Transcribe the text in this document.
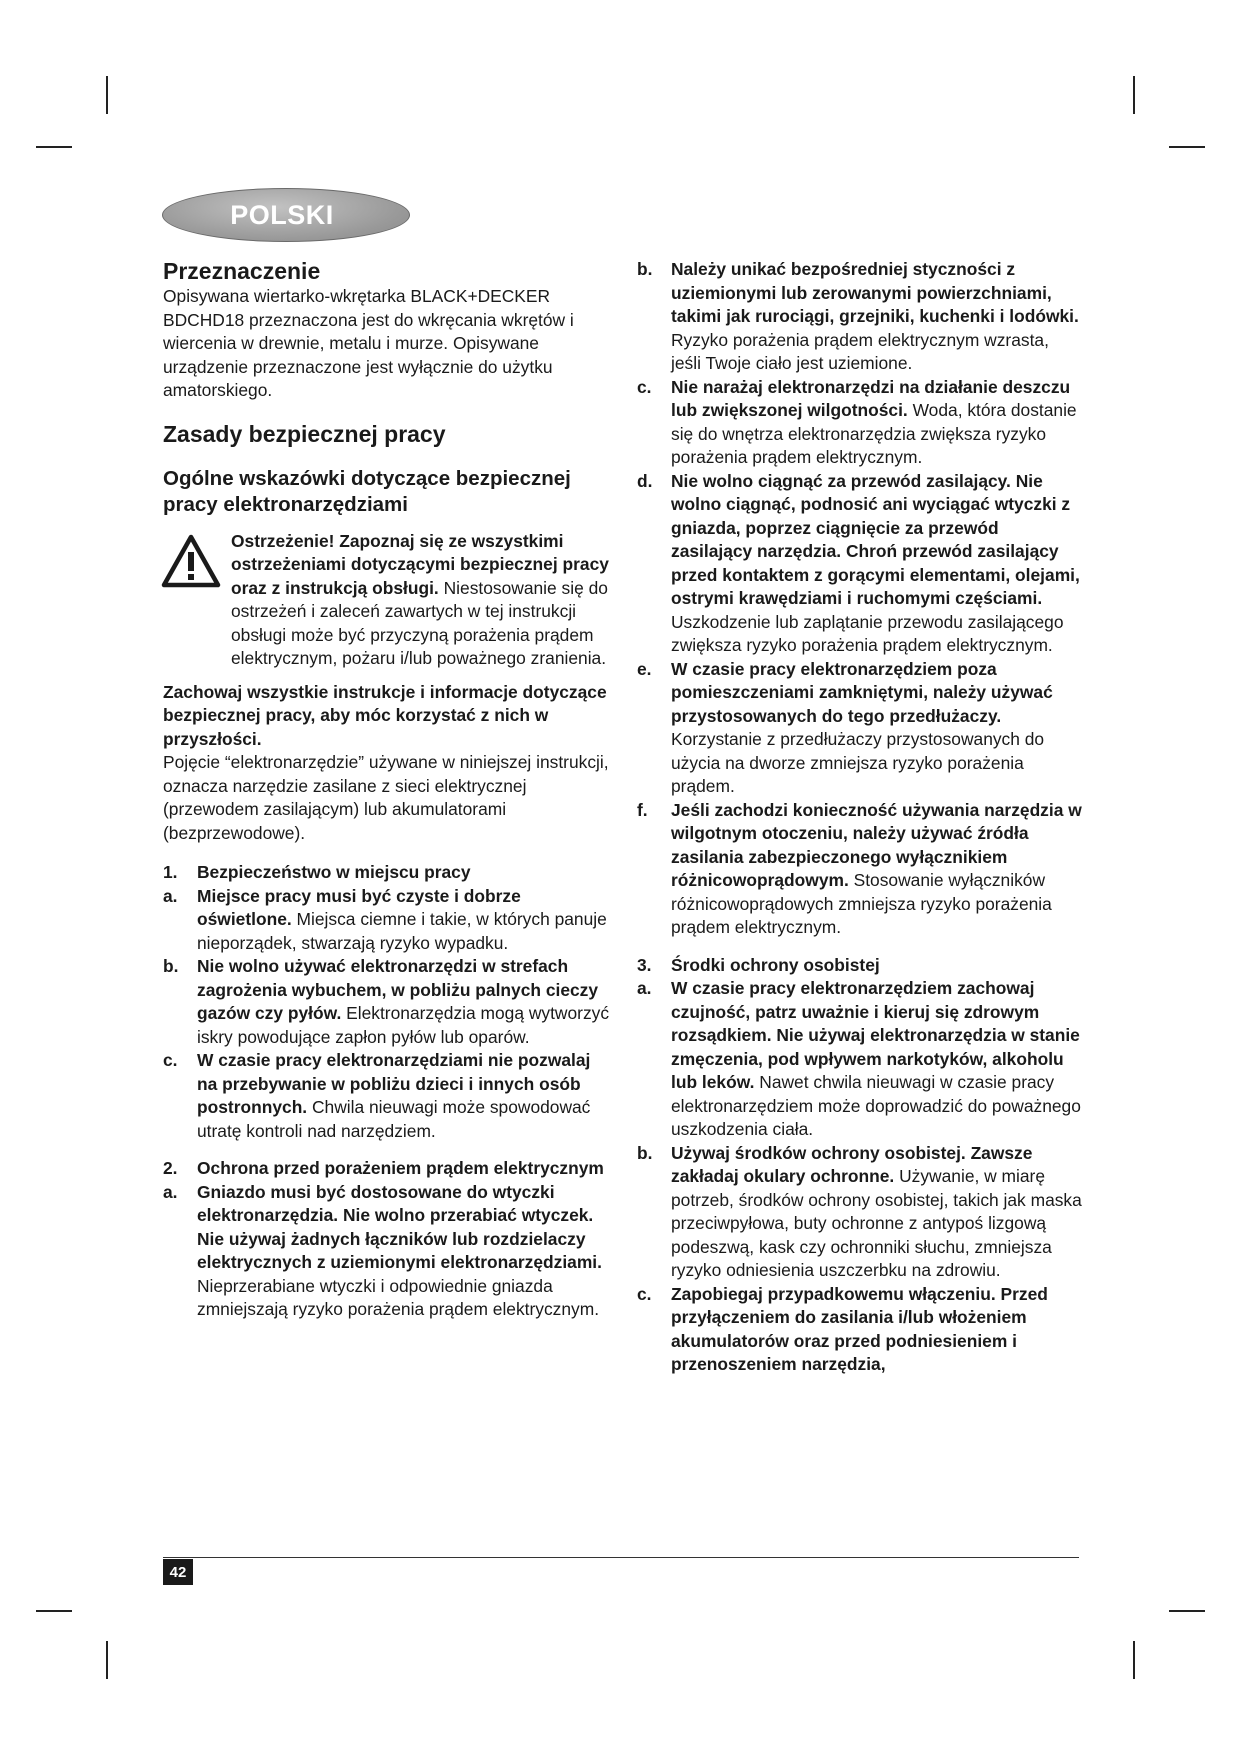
POLSKI
Przeznaczenie

Opisywana wiertarko-wkrętarka BLACK+DECKER BDCHD18 przeznaczona jest do wkręcania wkrętów i wiercenia w drewnie, metalu i murze. Opisywane urządzenie przeznaczone jest wyłącznie do użytku amatorskiego.

Zasady bezpiecznej pracy
Ogólne wskazówki dotyczące bezpiecznej pracy elektronarzędziami

Ostrzeżenie! Zapoznaj się ze wszystkimi ostrzeżeniami dotyczącymi bezpiecznej pracy oraz z instrukcją obsługi. Niestosowanie się do ostrzeżeń i zaleceń zawartych w tej instrukcji obsługi może być przyczyną porażenia prądem elektrycznym, pożaru i/lub poważnego zranienia.

Zachowaj wszystkie instrukcje i informacje dotyczące bezpiecznej pracy, aby móc korzystać z nich w przyszłości.

Pojęcie “elektronarzędzie” używane w niniejszej instrukcji, oznacza narzędzie zasilane z sieci elektrycznej (przewodem zasilającym) lub akumulatorami (bezprzewodowe).

1. Bezpieczeństwo w miejscu pracy
a. Miejsce pracy musi być czyste i dobrze oświetlone. Miejsca ciemne i takie, w których panuje nieporządek, stwarzają ryzyko wypadku.
b. Nie wolno używać elektronarzędzi w strefach zagrożenia wybuchem, w pobliżu palnych cieczy gazów czy pyłów. Elektronarzędzia mogą wytworzyć iskry powodujące zapłon pyłów lub oparów.
c. W czasie pracy elektronarzędziami nie pozwalaj na przebywanie w pobliżu dzieci i innych osób postronnych. Chwila nieuwagi może spowodować utratę kontroli nad narzędziem.
2. Ochrona przed porażeniem prądem elektrycznym
a. Gniazdo musi być dostosowane do wtyczki elektronarzędzia. Nie wolno przerabiać wtyczek. Nie używaj żadnych łączników lub rozdzielaczy elektrycznych z uziemionymi elektronarzędziami. Nieprzerabiane wtyczki i odpowiednie gniazda zmniejszają ryzyko porażenia prądem elektrycznym.
b. Należy unikać bezpośredniej styczności z uziemionymi lub zerowanymi powierzchniami, takimi jak rurociągi, grzejniki, kuchenki i lodówki. Ryzyko porażenia prądem elektrycznym wzrasta, jeśli Twoje ciało jest uziemione.
c. Nie narażaj elektronarzędzi na działanie deszczu lub zwiększonej wilgotności. Woda, która dostanie się do wnętrza elektronarzędzia zwiększa ryzyko porażenia prądem elektrycznym.
d. Nie wolno ciągnąć za przewód zasilający. Nie wolno ciągnąć, podnosić ani wyciągać wtyczki z gniazda, poprzez ciągnięcie za przewód zasilający narzędzia. Chroń przewód zasilający przed kontaktem z gorącymi elementami, olejami, ostrymi krawędziami i ruchomymi częściami. Uszkodzenie lub zaplątanie przewodu zasilającego zwiększa ryzyko porażenia prądem elektrycznym.
e. W czasie pracy elektronarzędziem poza pomieszczeniami zamkniętymi, należy używać przystosowanych do tego przedłużaczy. Korzystanie z przedłużaczy przystosowanych do użycia na dworze zmniejsza ryzyko porażenia prądem.
f. Jeśli zachodzi konieczność używania narzędzia w wilgotnym otoczeniu, należy używać źródła zasilania zabezpieczonego wyłącznikiem różnicowoprądowym. Stosowanie wyłączników różnicowoprądowych zmniejsza ryzyko porażenia prądem elektrycznym.
3. Środki ochrony osobistej
a. W czasie pracy elektronarzędziem zachowaj czujność, patrz uważnie i kieruj się zdrowym rozsądkiem. Nie używaj elektronarzędzia w stanie zmęczenia, pod wpływem narkotyków, alkoholu lub leków. Nawet chwila nieuwagi w czasie pracy elektronarzędziem może doprowadzić do poważnego uszkodzenia ciała.
b. Używaj środków ochrony osobistej. Zawsze zakładaj okulary ochronne. Używanie, w miarę potrzeb, środków ochrony osobistej, takich jak maska przeciwpyłowa, buty ochronne z antypoś lizgową podeszwą, kask czy ochronniki słuchu, zmniejsza ryzyko odniesienia uszczerbku na zdrowiu.
c. Zapobiegaj przypadkowemu włączeniu. Przed przyłączeniem do zasilania i/lub włożeniem akumulatorów oraz przed podniesieniem i przenoszeniem narzędzia,
42
